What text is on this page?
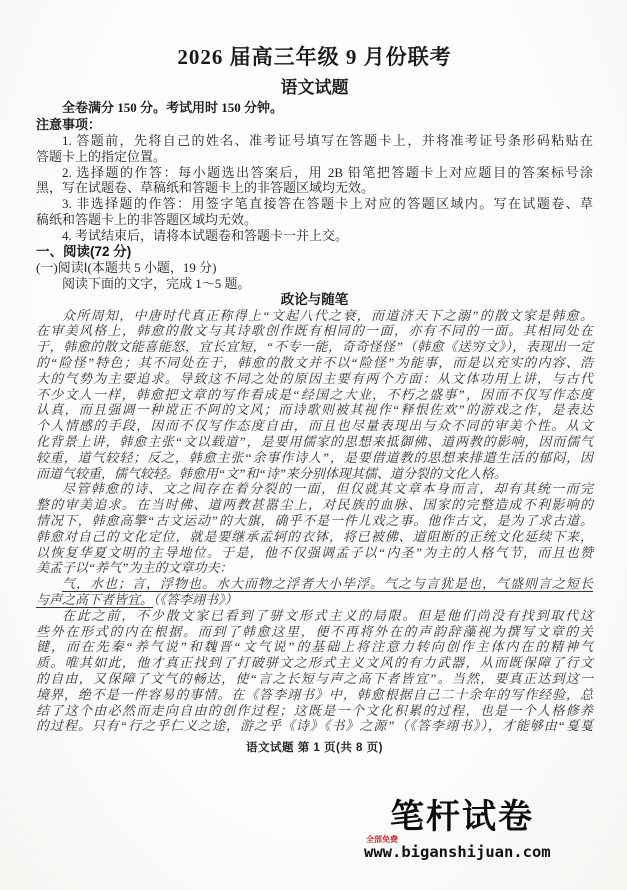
2026 届高三年级 9 月份联考
语文试题

全卷满分 150 分。考试用时 150 分钟。

注意事项：
1. 答题前，先将自己的姓名、准考证号填写在答题卡上，并将准考证号条形码粘贴在
答题卡上的指定位置。
2. 选择题的作答：每小题选出答案后，用 2B 铅笔把答题卡上对应题目的答案标号涂
黑，写在试题卷、草稿纸和答题卡上的非答题区域均无效。
3. 非选择题的作答：用签字笔直接答在答题卡上对应的答题区域内。写在试题卷、草
稿纸和答题卡上的非答题区域均无效。
4. 考试结束后，请将本试题卷和答题卡一并上交。
一、阅读(72 分)
(一)阅读Ⅰ(本题共 5 小题，19 分)
阅读下面的文字，完成 1～5 题。
政论与随笔
众所周知，中唐时代真正称得上“文起八代之衰，而道济天下之溺”的散文家是韩愈。
在审美风格上，韩愈的散文与其诗歌创作既有相同的一面，亦有不同的一面。其相同处在
于，韩愈的散文能喜能怒，宜长宜短，“不专一能，奇奇怪怪”（韩愈《送穷文》），表现出一定
的“险怪”特色；其不同处在于，韩愈的散文并不以“险怪”为能事，而是以充实的内容、浩
大的气势为主要追求。导致这不同之处的原因主要有两个方面：从文体功用上讲，与古代
不少文人一样，韩愈把文章的写作看成是“经国之大业，不朽之盛事”，因而不仅写作态度
认真，而且强调一种谠正不阿的文风；而诗歌则被其视作“释恨佐欢”的游戏之作，是表达
个人情感的手段，因而不仅写作态度自由，而且也尽量表现出与众不同的审美个性。从文
化背景上讲，韩愈主张“文以载道”，是要用儒家的思想来抵御佛、道两教的影响，因而儒气
较重，道气较轻；反之，韩愈主张“余事作诗人”，是要借道教的思想来排遣生活的郁闷，因
而道气较重，儒气较轻。韩愈用“文”和“诗”来分别体现其儒、道分裂的文化人格。
尽管韩愈的诗、文之间存在着分裂的一面，但仅就其文章本身而言，却有其统一而完
整的审美追求。在当时佛、道两教甚嚣尘上，对民族的血脉、国家的完整造成不利影响的
情况下，韩愈高擎“古文运动”的大旗，确乎不是一件儿戏之事。他作古文，是为了求古道。
韩愈对自己的文化定位，就是要继承孟轲的衣钵，将已被佛、道阻断的正统文化延续下来，
以恢复华夏文明的主导地位。于是，他不仅强调孟子以“内圣”为主的人格气节，而且也赞
美孟子以“养气”为主的文章功夫：
气，水也；言，浮物也。水大而物之浮者大小毕浮。气之与言犹是也，气盛则言之短长
与声之高下者皆宜。（《答李翊书》）
在此之前，不少散文家已看到了骈文形式主义的局限。但是他们尚没有找到取代这
些外在形式的内在根据。而到了韩愈这里，便不再将外在的声韵辞藻视为撰写文章的关
键，而在先秦“养气说”和魏晋“文气说”的基础上将注意力转向创作主体内在的精神气
质。唯其如此，他才真正找到了打破骈文之形式主义文风的有力武器，从而既保障了行文
的自由，又保障了文气的畅达，使“言之长短与声之高下者皆宜”。当然，要真正达到这一
境界，绝不是一件容易的事情。在《答李翊书》中，韩愈根据自己二十余年的写作经验，总
结了这个由必然而走向自由的创作过程；这既是一个文化积累的过程，也是一个人格修养
的过程。只有“行之乎仁义之途，游之乎《诗》《书》之源”（《答李翊书》），才能够由“戛戛
语文试题 第 1 页(共 8 页)
笔杆试卷
全部免费
www.biganshijuan.com
